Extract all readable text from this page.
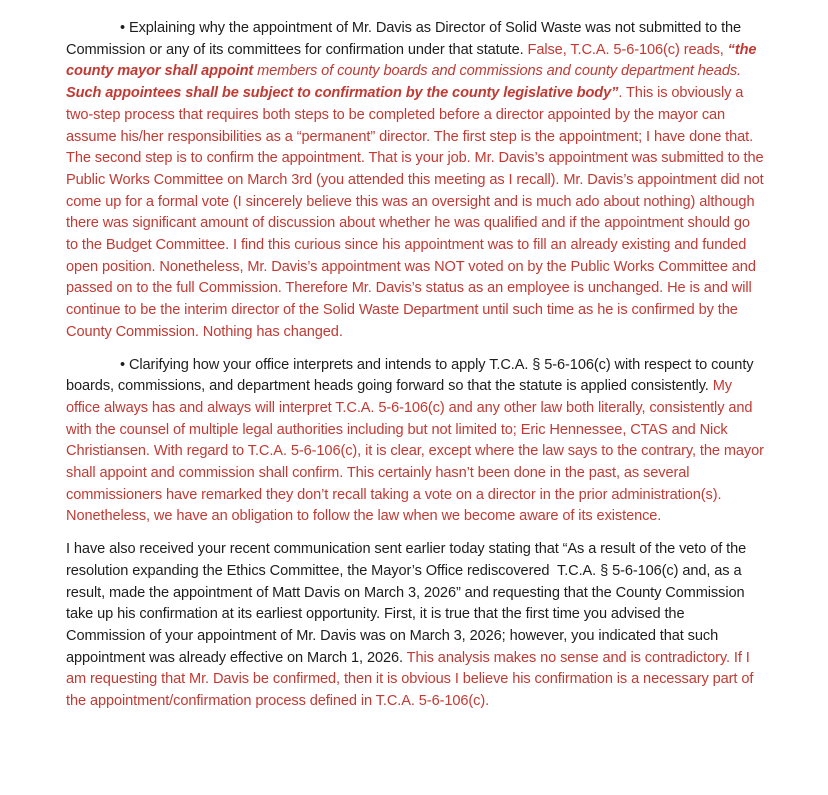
• Explaining why the appointment of Mr. Davis as Director of Solid Waste was not submitted to the Commission or any of its committees for confirmation under that statute. False, T.C.A. 5-6-106(c) reads, “the county mayor shall appoint members of county boards and commissions and county department heads. Such appointees shall be subject to confirmation by the county legislative body”. This is obviously a two-step process that requires both steps to be completed before a director appointed by the mayor can assume his/her responsibilities as a “permanent” director. The first step is the appointment; I have done that. The second step is to confirm the appointment. That is your job. Mr. Davis’s appointment was submitted to the Public Works Committee on March 3rd (you attended this meeting as I recall). Mr. Davis’s appointment did not come up for a formal vote (I sincerely believe this was an oversight and is much ado about nothing) although there was significant amount of discussion about whether he was qualified and if the appointment should go to the Budget Committee. I find this curious since his appointment was to fill an already existing and funded open position. Nonetheless, Mr. Davis’s appointment was NOT voted on by the Public Works Committee and passed on to the full Commission. Therefore Mr. Davis’s status as an employee is unchanged. He is and will continue to be the interim director of the Solid Waste Department until such time as he is confirmed by the County Commission. Nothing has changed.

• Clarifying how your office interprets and intends to apply T.C.A. § 5-6-106(c) with respect to county boards, commissions, and department heads going forward so that the statute is applied consistently. My office always has and always will interpret T.C.A. 5-6-106(c) and any other law both literally, consistently and with the counsel of multiple legal authorities including but not limited to; Eric Hennessee, CTAS and Nick Christiansen. With regard to T.C.A. 5-6-106(c), it is clear, except where the law says to the contrary, the mayor shall appoint and commission shall confirm. This certainly hasn’t been done in the past, as several commissioners have remarked they don’t recall taking a vote on a director in the prior administration(s). Nonetheless, we have an obligation to follow the law when we become aware of its existence.

I have also received your recent communication sent earlier today stating that “As a result of the veto of the resolution expanding the Ethics Committee, the Mayor’s Office rediscovered  T.C.A. § 5-6-106(c) and, as a result, made the appointment of Matt Davis on March 3, 2026” and requesting that the County Commission take up his confirmation at its earliest opportunity. First, it is true that the first time you advised the Commission of your appointment of Mr. Davis was on March 3, 2026; however, you indicated that such appointment was already effective on March 1, 2026. This analysis makes no sense and is contradictory. If I am requesting that Mr. Davis be confirmed, then it is obvious I believe his confirmation is a necessary part of the appointment/confirmation process defined in T.C.A. 5-6-106(c).
